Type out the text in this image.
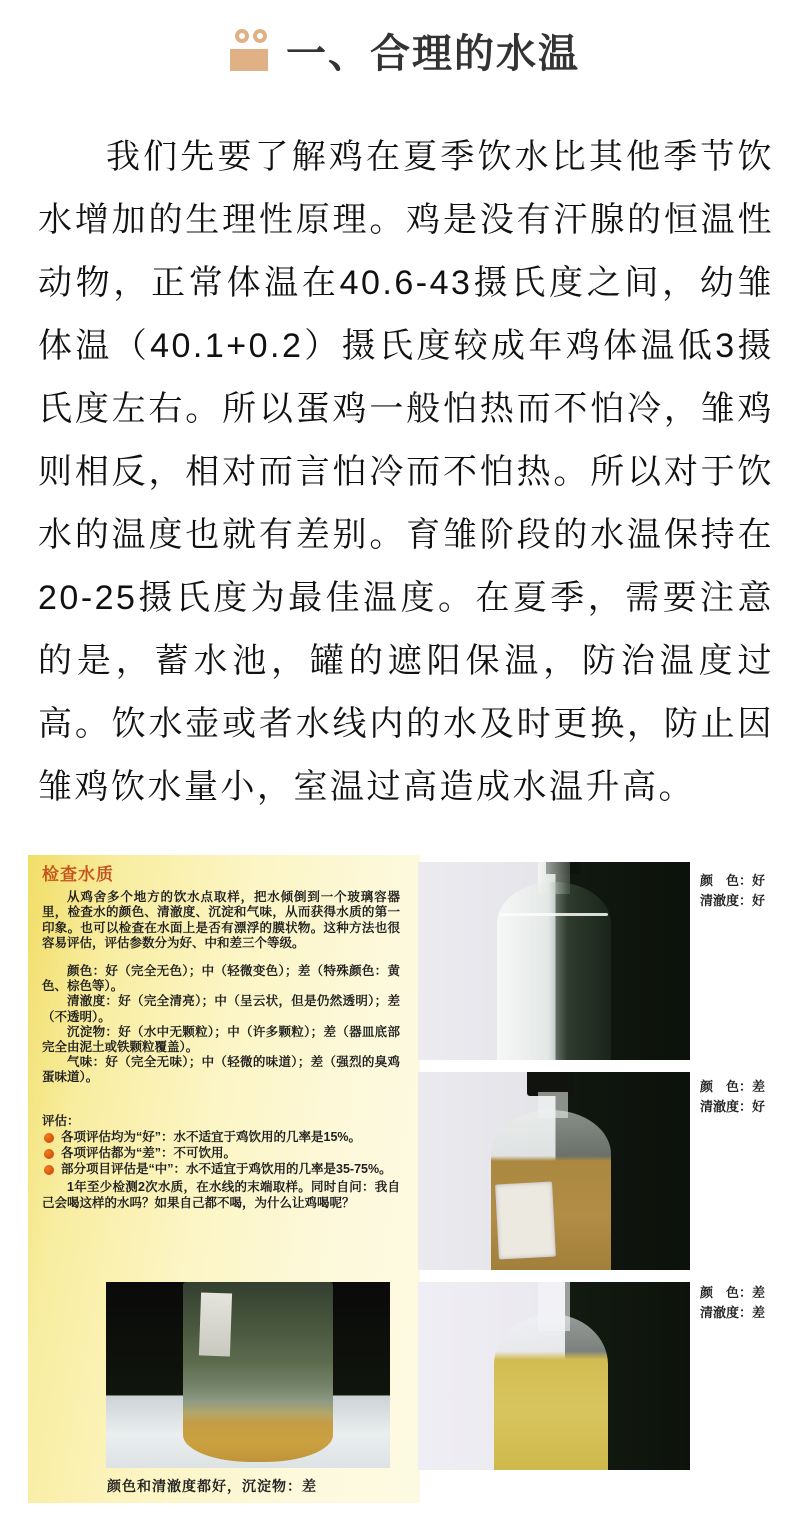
一、合理的水温
我们先要了解鸡在夏季饮水比其他季节饮水增加的生理性原理。鸡是没有汗腺的恒温性动物，正常体温在40.6-43摄氏度之间，幼雏体温（40.1+0.2）摄氏度较成年鸡体温低3摄氏度左右。所以蛋鸡一般怕热而不怕冷，雏鸡则相反，相对而言怕冷而不怕热。所以对于饮水的温度也就有差别。育雏阶段的水温保持在20-25摄氏度为最佳温度。在夏季，需要注意的是，蓄水池，罐的遮阳保温，防治温度过高。饮水壶或者水线内的水及时更换，防止因雏鸡饮水量小，室温过高造成水温升高。
检查水质

从鸡舍多个地方的饮水点取样，把水倾倒到一个玻璃容器里，检查水的颜色、清澈度、沉淀和气味，从而获得水质的第一印象。也可以检查在水面上是否有漂浮的膜状物。这种方法也很容易评估，评估参数分为好、中和差三个等级。

颜色：好（完全无色）；中（轻微变色）；差（特殊颜色：黄色、棕色等）。

清澈度：好（完全清亮）；中（呈云状，但是仍然透明）；差（不透明）。

沉淀物：好（水中无颗粒）；中（许多颗粒）；差（器皿底部完全由泥土或铁颗粒覆盖）。

气味：好（完全无味）；中（轻微的味道）；差（强烈的臭鸡蛋味道）。

评估：
各项评估均为“好”：水不适宜于鸡饮用的几率是15%。
各项评估都为“差”：不可饮用。
部分项目评估是“中”：水不适宜于鸡饮用的几率是35-75%。

1年至少检测2次水质，在水线的末端取样。同时自问：我自己会喝这样的水吗？如果自己都不喝，为什么让鸡喝呢？

颜色和清澈度都好，沉淀物：差
颜　色：好
清澈度：好
颜　色：差
清澈度：好
颜　色：差
清澈度：差
